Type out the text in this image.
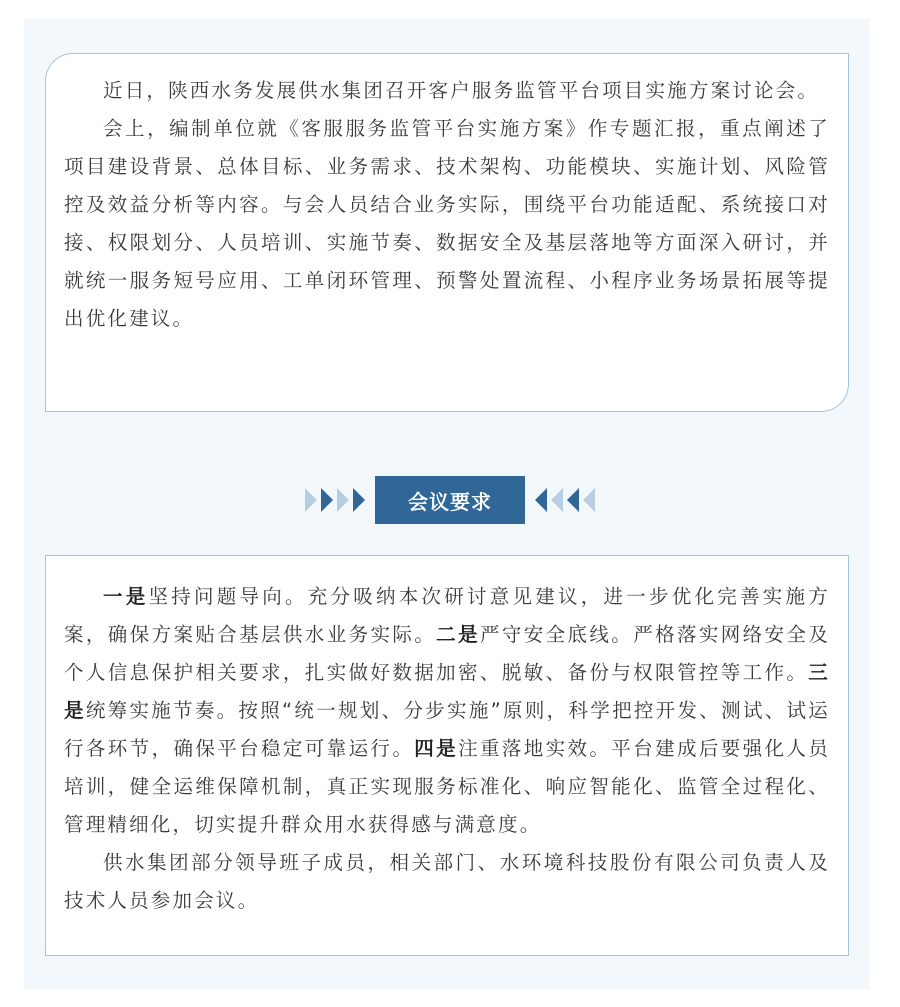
近日，陕西水务发展供水集团召开客户服务监管平台项目实施方案讨论会。

会上，编制单位就《客服服务监管平台实施方案》作专题汇报，重点阐述了项目建设背景、总体目标、业务需求、技术架构、功能模块、实施计划、风险管控及效益分析等内容。与会人员结合业务实际，围绕平台功能适配、系统接口对接、权限划分、人员培训、实施节奏、数据安全及基层落地等方面深入研讨，并就统一服务短号应用、工单闭环管理、预警处置流程、小程序业务场景拓展等提出优化建议。

会议要求

一是坚持问题导向。充分吸纳本次研讨意见建议，进一步优化完善实施方案，确保方案贴合基层供水业务实际。二是严守安全底线。严格落实网络安全及个人信息保护相关要求，扎实做好数据加密、脱敏、备份与权限管控等工作。三是统筹实施节奏。按照“统一规划、分步实施”原则，科学把控开发、测试、试运行各环节，确保平台稳定可靠运行。四是注重落地实效。平台建成后要强化人员培训，健全运维保障机制，真正实现服务标准化、响应智能化、监管全过程化、管理精细化，切实提升群众用水获得感与满意度。

供水集团部分领导班子成员，相关部门、水环境科技股份有限公司负责人及技术人员参加会议。
